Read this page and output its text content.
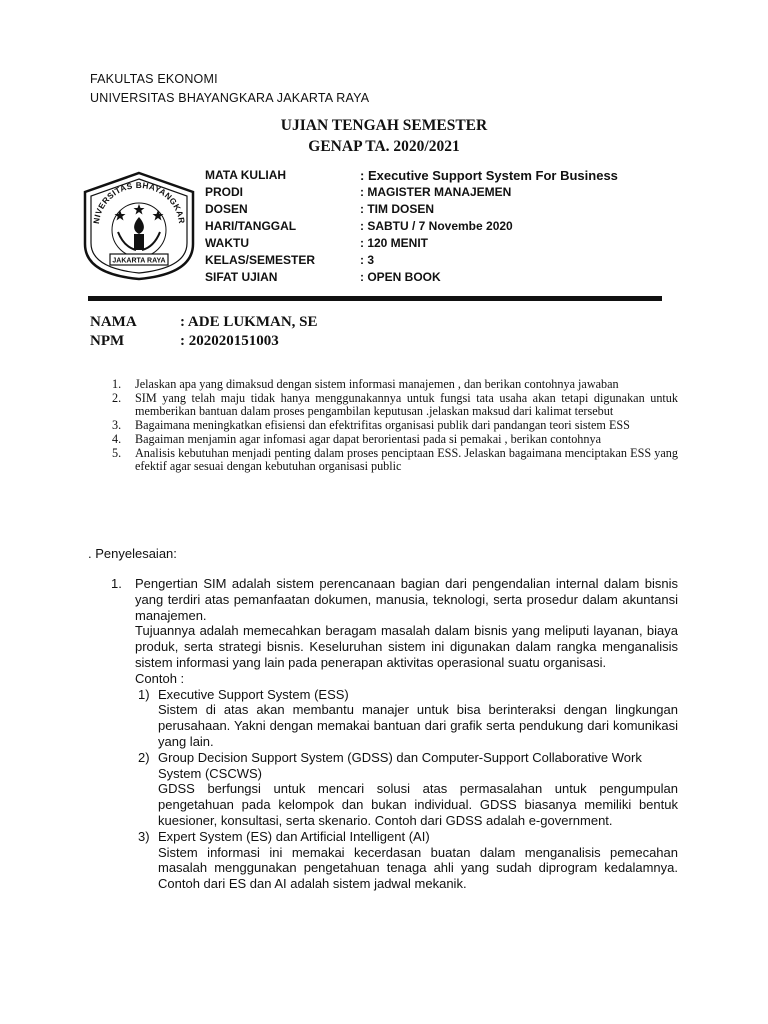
FAKULTAS EKONOMI
UNIVERSITAS BHAYANGKARA JAKARTA RAYA
UJIAN TENGAH SEMESTER
GENAP TA. 2020/2021
NIVERSITAS BHAYANGKAR
JAKARTA RAYA
MATA KULIAH	: Executive Support System For Business
PRODI	: MAGISTER MANAJEMEN
DOSEN	: TIM DOSEN
HARI/TANGGAL	: SABTU / 7 Novembe 2020
WAKTU	: 120 MENIT
KELAS/SEMESTER	: 3
SIFAT UJIAN	: OPEN BOOK
NAMA	: ADE LUKMAN, SE
NPM	: 202020151003
1. Jelaskan apa yang dimaksud dengan sistem informasi manajemen , dan berikan contohnya jawaban
2. SIM yang telah maju tidak hanya menggunakannya untuk fungsi tata usaha akan tetapi digunakan untuk memberikan bantuan dalam proses pengambilan keputusan .jelaskan maksud dari kalimat tersebut
3. Bagaimana meningkatkan efisiensi dan efektrifitas organisasi publik dari pandangan teori sistem ESS
4. Bagaiman menjamin agar infomasi agar dapat berorientasi pada si pemakai , berikan contohnya
5. Analisis kebutuhan menjadi penting dalam proses penciptaan ESS. Jelaskan bagaimana menciptakan ESS yang efektif agar sesuai dengan kebutuhan organisasi public
. Penyelesaian:
1.	Pengertian SIM adalah sistem perencanaan bagian dari pengendalian internal dalam bisnis yang terdiri atas pemanfaatan dokumen, manusia, teknologi, serta prosedur dalam akuntansi manajemen.

Tujuannya adalah memecahkan beragam masalah dalam bisnis yang meliputi layanan, biaya produk, serta strategi bisnis. Keseluruhan sistem ini digunakan dalam rangka menganalisis sistem informasi yang lain pada penerapan aktivitas operasional suatu organisasi.

Contoh :

1) Executive Support System (ESS)

Sistem di atas akan membantu manajer untuk bisa berinteraksi dengan lingkungan perusahaan. Yakni dengan memakai bantuan dari grafik serta pendukung dari komunikasi yang lain.

2) Group Decision Support System (GDSS) dan Computer-Support Collaborative Work System (CSCWS)

GDSS berfungsi untuk mencari solusi atas permasalahan untuk pengumpulan pengetahuan pada kelompok dan bukan individual. GDSS biasanya memiliki bentuk kuesioner, konsultasi, serta skenario. Contoh dari GDSS adalah e-government.

3) Expert System (ES) dan Artificial Intelligent (AI)

Sistem informasi ini memakai kecerdasan buatan dalam menganalisis pemecahan masalah menggunakan pengetahuan tenaga ahli yang sudah diprogram kedalamnya. Contoh dari ES dan AI adalah sistem jadwal mekanik.
